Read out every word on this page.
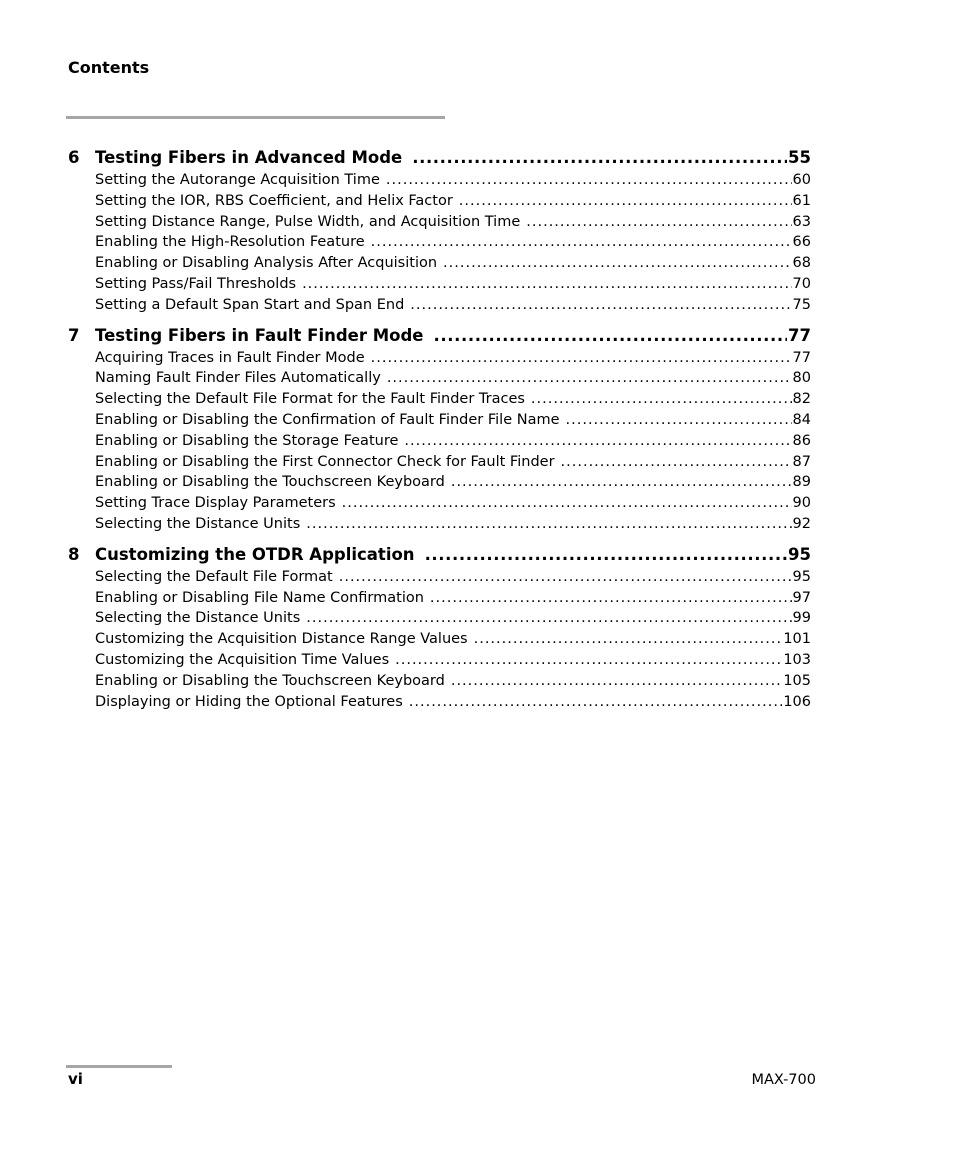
Contents
6 Testing Fibers in Advanced Mode .....	55
Setting the Autorange Acquisition Time .....	60
Setting the IOR, RBS Coefficient, and Helix Factor .....	61
Setting Distance Range, Pulse Width, and Acquisition Time .....	63
Enabling the High-Resolution Feature .....	66
Enabling or Disabling Analysis After Acquisition .....	68
Setting Pass/Fail Thresholds .....	70
Setting a Default Span Start and Span End .....	75
7 Testing Fibers in Fault Finder Mode .....	77
Acquiring Traces in Fault Finder Mode .....	77
Naming Fault Finder Files Automatically .....	80
Selecting the Default File Format for the Fault Finder Traces .....	82
Enabling or Disabling the Confirmation of Fault Finder File Name .....	84
Enabling or Disabling the Storage Feature .....	86
Enabling or Disabling the First Connector Check for Fault Finder .....	87
Enabling or Disabling the Touchscreen Keyboard .....	89
Setting Trace Display Parameters .....	90
Selecting the Distance Units .....	92
8 Customizing the OTDR Application .....	95
Selecting the Default File Format .....	95
Enabling or Disabling File Name Confirmation .....	97
Selecting the Distance Units .....	99
Customizing the Acquisition Distance Range Values .....	101
Customizing the Acquisition Time Values .....	103
Enabling or Disabling the Touchscreen Keyboard .....	105
Displaying or Hiding the Optional Features .....	106
vi	MAX-700
